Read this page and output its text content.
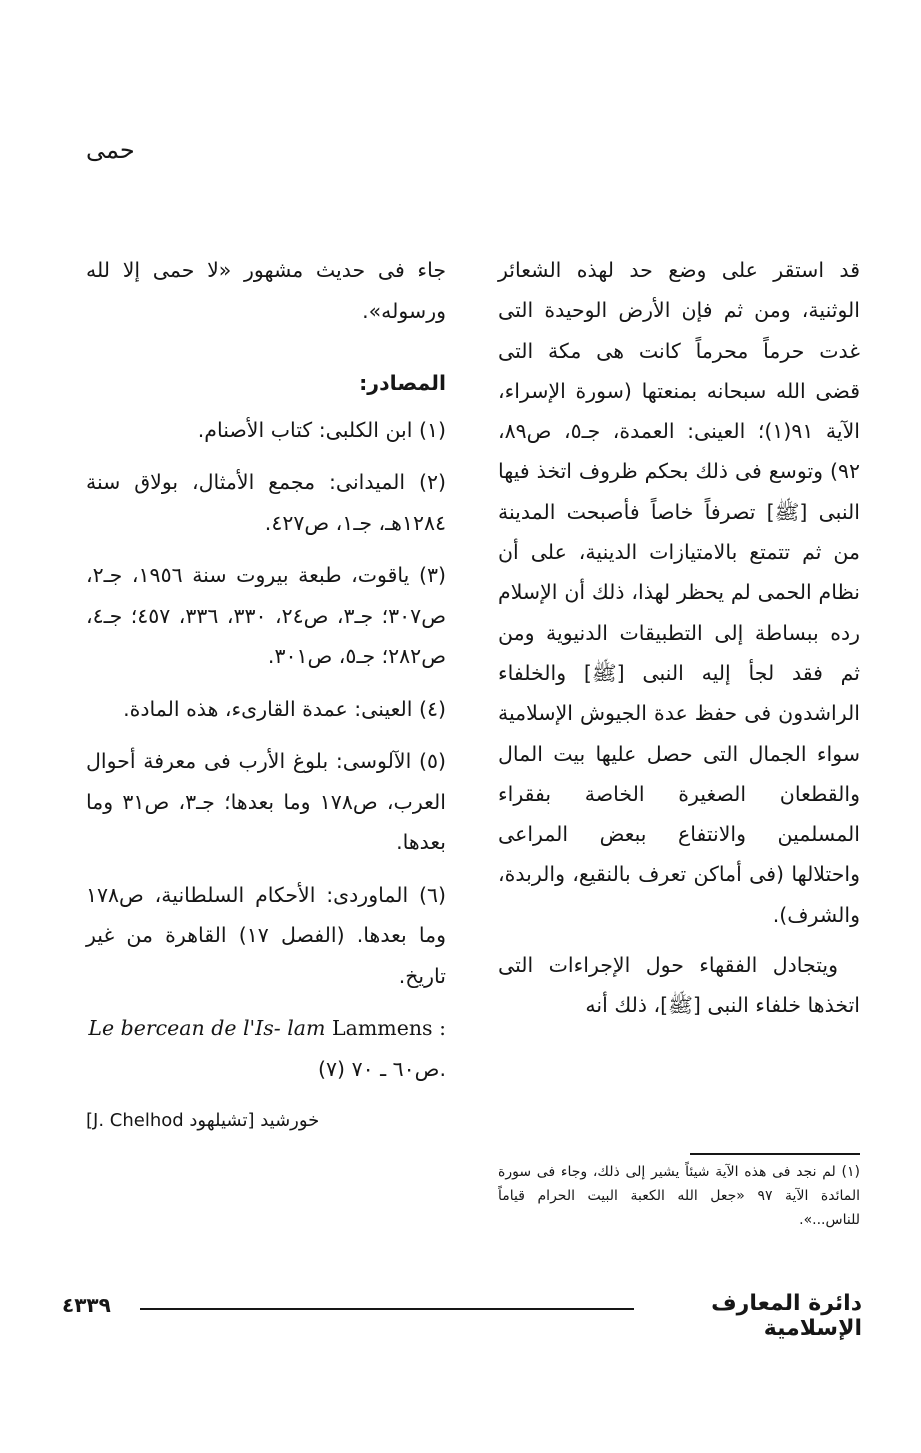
حمى

قد استقر على وضع حد لهذه الشعائر الوثنية، ومن ثم فإن الأرض الوحيدة التى غدت حرماً محرماً كانت هى مكة التى قضى الله سبحانه بمنعتها (سورة الإسراء، الآية ٩١(١)؛ العينى: العمدة، جـ٥، ص٨٩، ٩٢) وتوسع فى ذلك بحكم ظروف اتخذ فيها النبى [ﷺ] تصرفاً خاصاً فأصبحت المدينة من ثم تتمتع بالامتيازات الدينية، على أن نظام الحمى لم يحظر لهذا، ذلك أن الإسلام رده ببساطة إلى التطبيقات الدنيوية ومن ثم فقد لجأ إليه النبى [ﷺ] والخلفاء الراشدون فى حفظ عدة الجيوش الإسلامية سواء الجمال التى حصل عليها بيت المال والقطعان الصغيرة الخاصة بفقراء المسلمين والانتفاع ببعض المراعى واحتلالها (فى أماكن تعرف بالنقيع، والربدة، والشرف).

ويتجادل الفقهاء حول الإجراءات التى اتخذها خلفاء النبى [ﷺ]، ذلك أنه

جاء فى حديث مشهور «لا حمى إلا لله ورسوله».

المصادر:

(١) ابن الكلبى: كتاب الأصنام.

(٢) الميدانى: مجمع الأمثال، بولاق سنة ١٢٨٤هـ، جـ١، ص٤٢٧.

(٣) ياقوت، طبعة بيروت سنة ١٩٥٦، جـ٢، ص٣٠٧؛ جـ٣، ص٢٤، ٣٣٠، ٣٣٦، ٤٥٧؛ جـ٤، ص٢٨٢؛ جـ٥، ص٣٠١.

(٤) العينى: عمدة القارىء، هذه المادة.

(٥) الآلوسى: بلوغ الأرب فى معرفة أحوال العرب، ص١٧٨ وما بعدها؛ جـ٣، ص٣١ وما بعدها.

(٦) الماوردى: الأحكام السلطانية، ص١٧٨ وما بعدها. (الفصل ١٧) القاهرة من غير تاريخ.

Le bercean de l'Is- lam Lammens : (٧) ص٦٠ ـ ٧٠.

خورشيد [تشيلهود J. Chelhod]

(١) لم نجد فى هذه الآية شيئاً يشير إلى ذلك، وجاء فى سورة المائدة الآية ٩٧ «جعل الله الكعبة البيت الحرام قياماً للناس...».
دائرة المعارف الإسلامية
٤٣٣٩
